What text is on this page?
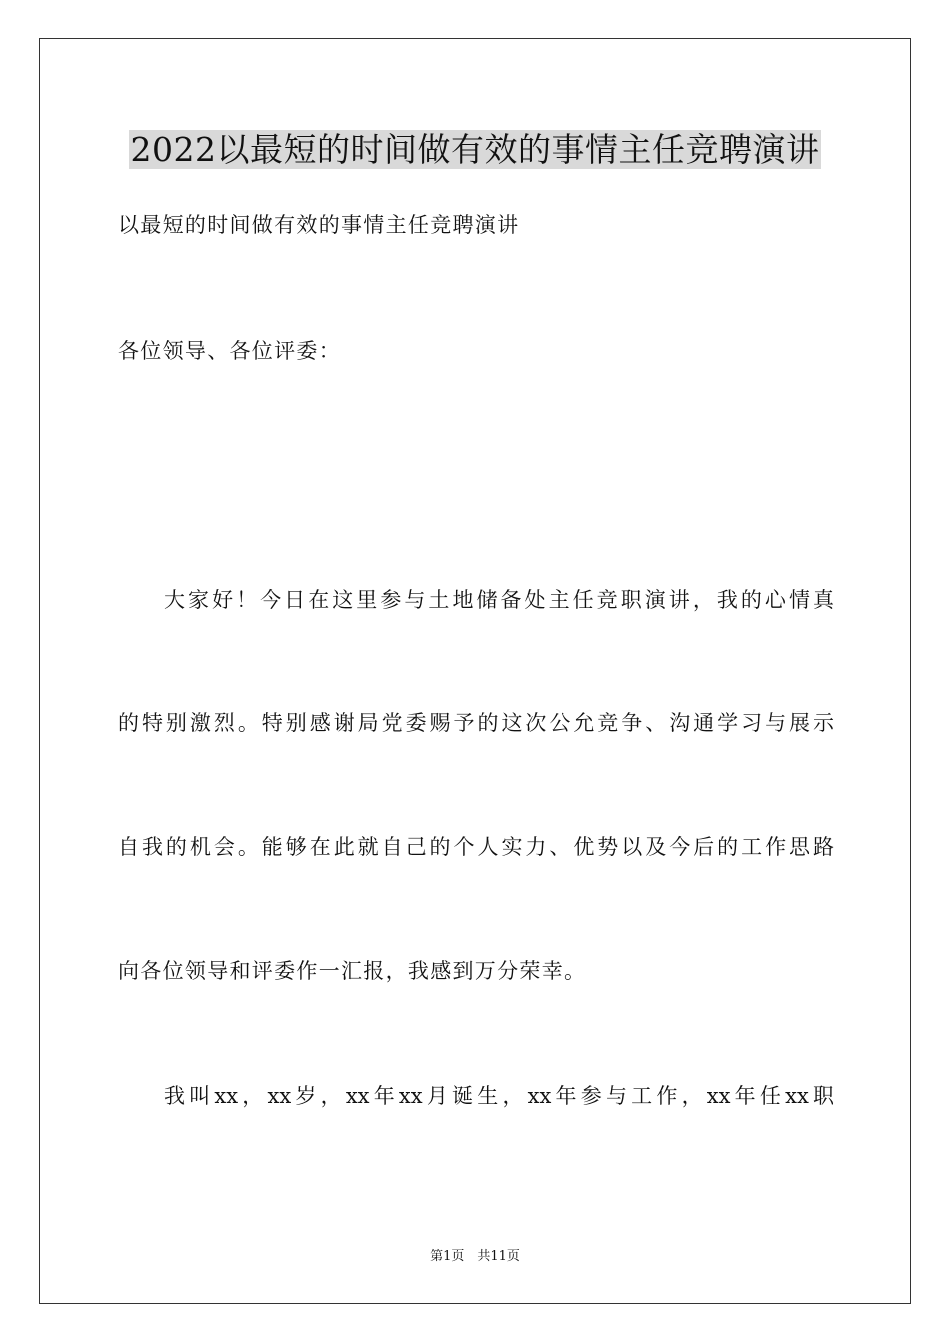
2022以最短的时间做有效的事情主任竞聘演讲
以最短的时间做有效的事情主任竞聘演讲
各位领导、各位评委：
大家好！今日在这里参与土地储备处主任竞职演讲，我的心情真
的特别激烈。特别感谢局党委赐予的这次公允竞争、沟通学习与展示
自我的机会。能够在此就自己的个人实力、优势以及今后的工作思路
向各位领导和评委作一汇报，我感到万分荣幸。
我叫xx，xx岁，xx年xx月诞生，xx年参与工作，xx年任xx职
第1页　共11页
